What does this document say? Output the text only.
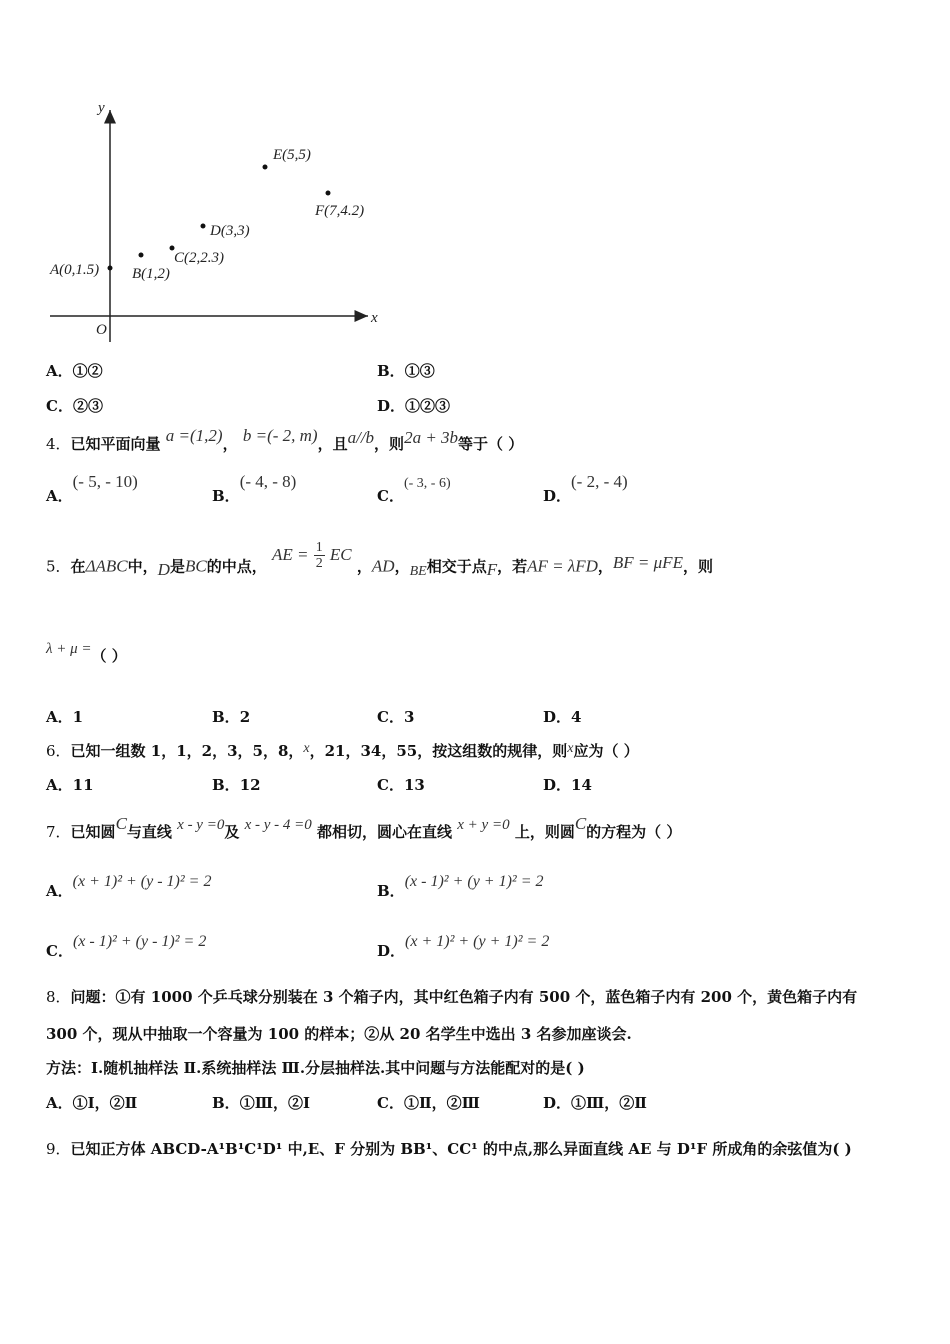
x
y
O
A(0,1.5) B(1,2)
C(2,2.3)
D(3,3)
E(5,5)
F(7,4.2)
A．①②	B．①③
C．②③	D．①②③
4．已知平面向量 a =(1,2)， b =(- 2, m)，且a//b，则2a + 3b等于（ ）
A．(- 5, - 10)
B．(- 4, - 8)
C．(- 3, - 6)
D．(- 2, - 4)
5．在ΔABC中，D是BC的中点， AE = $\frac{1}{2}$ EC ，AD，BE相交于点F，若AF = λFD，BF = μFE，则
λ + μ =（ ）
A．1	B．2	C．3	D．4
6．已知一组数 1，1，2，3，5，8，x，21，34，55，按这组数的规律，则x应为（ ）
A．11	B．12	C．13	D．14
7．已知圆C与直线 x - y =0及 x - y - 4 =0 都相切，圆心在直线 x + y =0 上，则圆C的方程为（ ）
A．(x + 1)² + (y - 1)² = 2
B．(x - 1)² + (y + 1)² = 2
C．(x - 1)² + (y - 1)² = 2
D．(x + 1)² + (y + 1)² = 2
8．问题：①有 1000 个乒乓球分别装在 3 个箱子内，其中红色箱子内有 500 个，蓝色箱子内有 200 个，黄色箱子内有
300 个，现从中抽取一个容量为 100 的样本；②从 20 名学生中选出 3 名参加座谈会.
方法：Ⅰ.随机抽样法 Ⅱ.系统抽样法 Ⅲ.分层抽样法.其中问题与方法能配对的是( )
A．①Ⅰ，②Ⅱ	B．①Ⅲ，②Ⅰ	C．①Ⅱ，②Ⅲ	D．①Ⅲ，②Ⅱ
9．已知正方体 ABCD-A¹B¹C¹D¹ 中,E、F 分别为 BB¹、CC¹ 的中点,那么异面直线 AE 与 D¹F 所成角的余弦值为( )
